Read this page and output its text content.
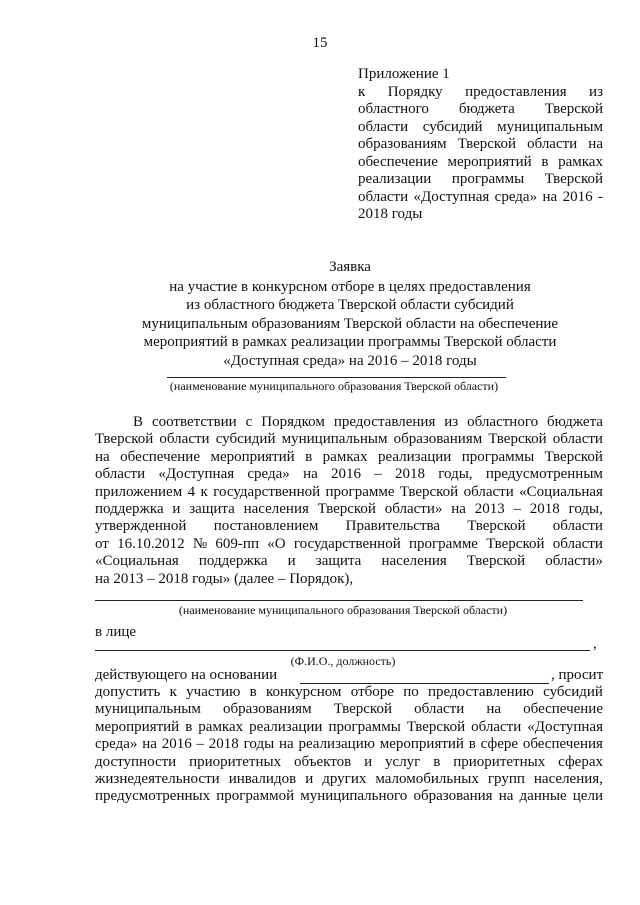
15
Приложение 1
к Порядку предоставления из
областного бюджета Тверской
области субсидий муниципальным
образованиям Тверской области на
обеспечение мероприятий в рамках
реализации программы Тверской
области «Доступная среда» на 2016 -
2018 годы
Заявка
на участие в конкурсном отборе в целях предоставления
из областного бюджета Тверской области субсидий
муниципальным образованиям Тверской области на обеспечение
мероприятий в рамках реализации программы Тверской области
«Доступная среда» на 2016 – 2018 годы
(наименование муниципального образования Тверской области)
В соответствии с Порядком предоставления из областного бюджета
Тверской области субсидий муниципальным образованиям Тверской области
на обеспечение мероприятий в рамках реализации программы Тверской
области «Доступная среда» на 2016 – 2018 годы, предусмотренным
приложением 4 к государственной программе Тверской области «Социальная
поддержка и защита населения Тверской области» на 2013 – 2018 годы,
утвержденной постановлением Правительства Тверской области
от 16.10.2012 № 609-пп «О государственной программе Тверской области
«Социальная поддержка и защита населения Тверской области»
на 2013 – 2018 годы» (далее – Порядок),
(наименование муниципального образования Тверской области)
в лице
,
(Ф.И.О., должность)
действующего на основании	, просит
допустить к участию в конкурсном отборе по предоставлению субсидий
муниципальным образованиям Тверской области на обеспечение
мероприятий в рамках реализации программы Тверской области «Доступная
среда» на 2016 – 2018 годы на реализацию мероприятий в сфере обеспечения
доступности приоритетных объектов и услуг в приоритетных сферах
жизнедеятельности инвалидов и других маломобильных групп населения,
предусмотренных программой муниципального образования на данные цели
